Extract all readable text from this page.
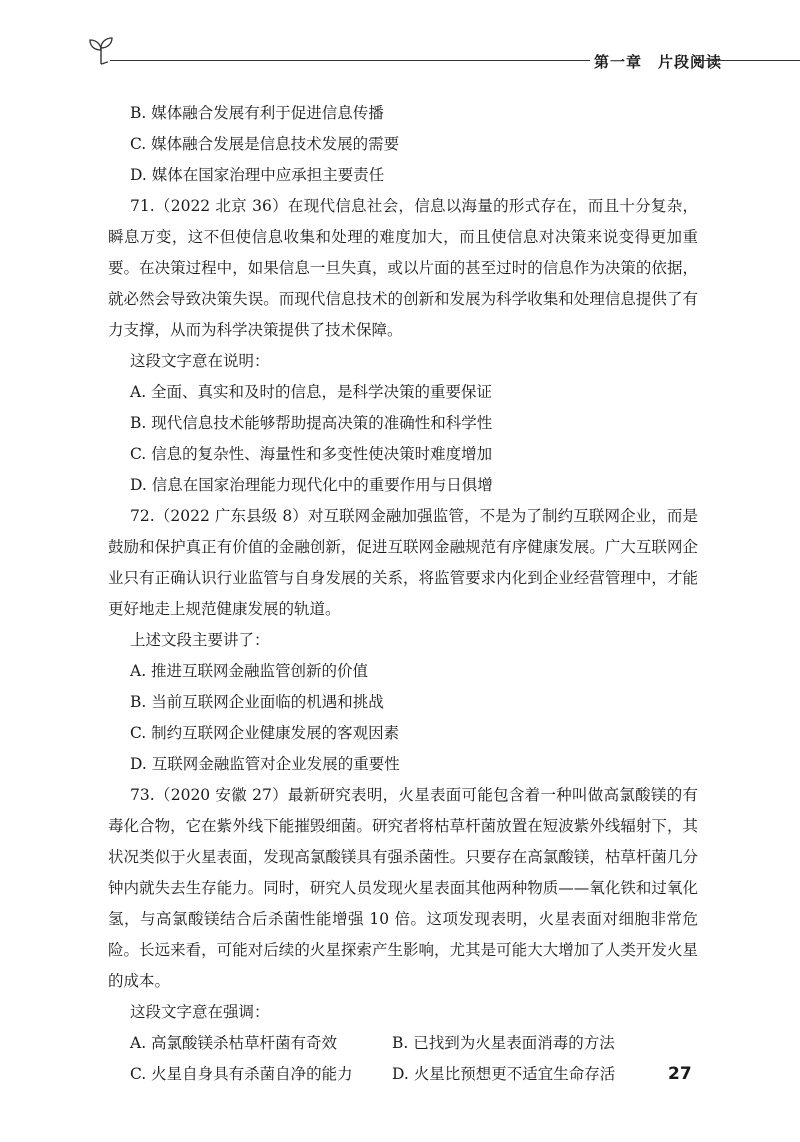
第一章　片段阅读
B. 媒体融合发展有利于促进信息传播
C. 媒体融合发展是信息技术发展的需要
D. 媒体在国家治理中应承担主要责任
71.（2022 北京 36）在现代信息社会，信息以海量的形式存在，而且十分复杂，瞬息万变，这不但使信息收集和处理的难度加大，而且使信息对决策来说变得更加重要。在决策过程中，如果信息一旦失真，或以片面的甚至过时的信息作为决策的依据，就必然会导致决策失误。而现代信息技术的创新和发展为科学收集和处理信息提供了有力支撑，从而为科学决策提供了技术保障。
这段文字意在说明：
A. 全面、真实和及时的信息，是科学决策的重要保证
B. 现代信息技术能够帮助提高决策的准确性和科学性
C. 信息的复杂性、海量性和多变性使决策时难度增加
D. 信息在国家治理能力现代化中的重要作用与日俱增
72.（2022 广东县级 8）对互联网金融加强监管，不是为了制约互联网企业，而是鼓励和保护真正有价值的金融创新，促进互联网金融规范有序健康发展。广大互联网企业只有正确认识行业监管与自身发展的关系，将监管要求内化到企业经营管理中，才能更好地走上规范健康发展的轨道。
上述文段主要讲了：
A. 推进互联网金融监管创新的价值
B. 当前互联网企业面临的机遇和挑战
C. 制约互联网企业健康发展的客观因素
D. 互联网金融监管对企业发展的重要性
73.（2020 安徽 27）最新研究表明，火星表面可能包含着一种叫做高氯酸镁的有毒化合物，它在紫外线下能摧毁细菌。研究者将枯草杆菌放置在短波紫外线辐射下，其状况类似于火星表面，发现高氯酸镁具有强杀菌性。只要存在高氯酸镁，枯草杆菌几分钟内就失去生存能力。同时，研究人员发现火星表面其他两种物质——氧化铁和过氧化氢，与高氯酸镁结合后杀菌性能增强 10 倍。这项发现表明，火星表面对细胞非常危险。长远来看，可能对后续的火星探索产生影响，尤其是可能大大增加了人类开发火星的成本。
这段文字意在强调：
A. 高氯酸镁杀枯草杆菌有奇效	B. 已找到为火星表面消毒的方法
C. 火星自身具有杀菌自净的能力	D. 火星比预想更不适宜生命存活	27
